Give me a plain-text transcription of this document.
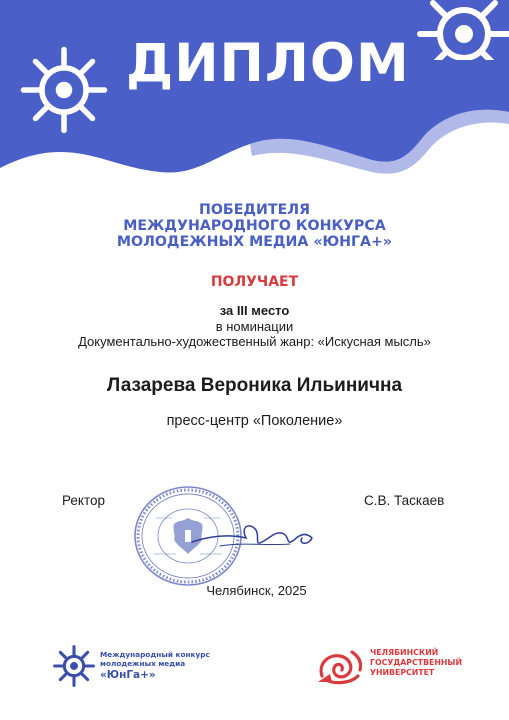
ДИПЛОМ
ПОБЕДИТЕЛЯ
МЕЖДУНАРОДНОГО КОНКУРСА
МОЛОДЕЖНЫХ МЕДИА «ЮНГА+»
ПОЛУЧАЕТ
за III место
в номинации
Документально-художественный жанр: «Искусная мысль»
Лазарева Вероника Ильинична
пресс-центр «Поколение»
Ректор	С.В. Таскаев
Челябинск, 2025
Международный конкурс
молодежных медиа
«ЮнГа+»
ЧЕЛЯБИНСКИЙ
ГОСУДАРСТВЕННЫЙ
УНИВЕРСИТЕТ
